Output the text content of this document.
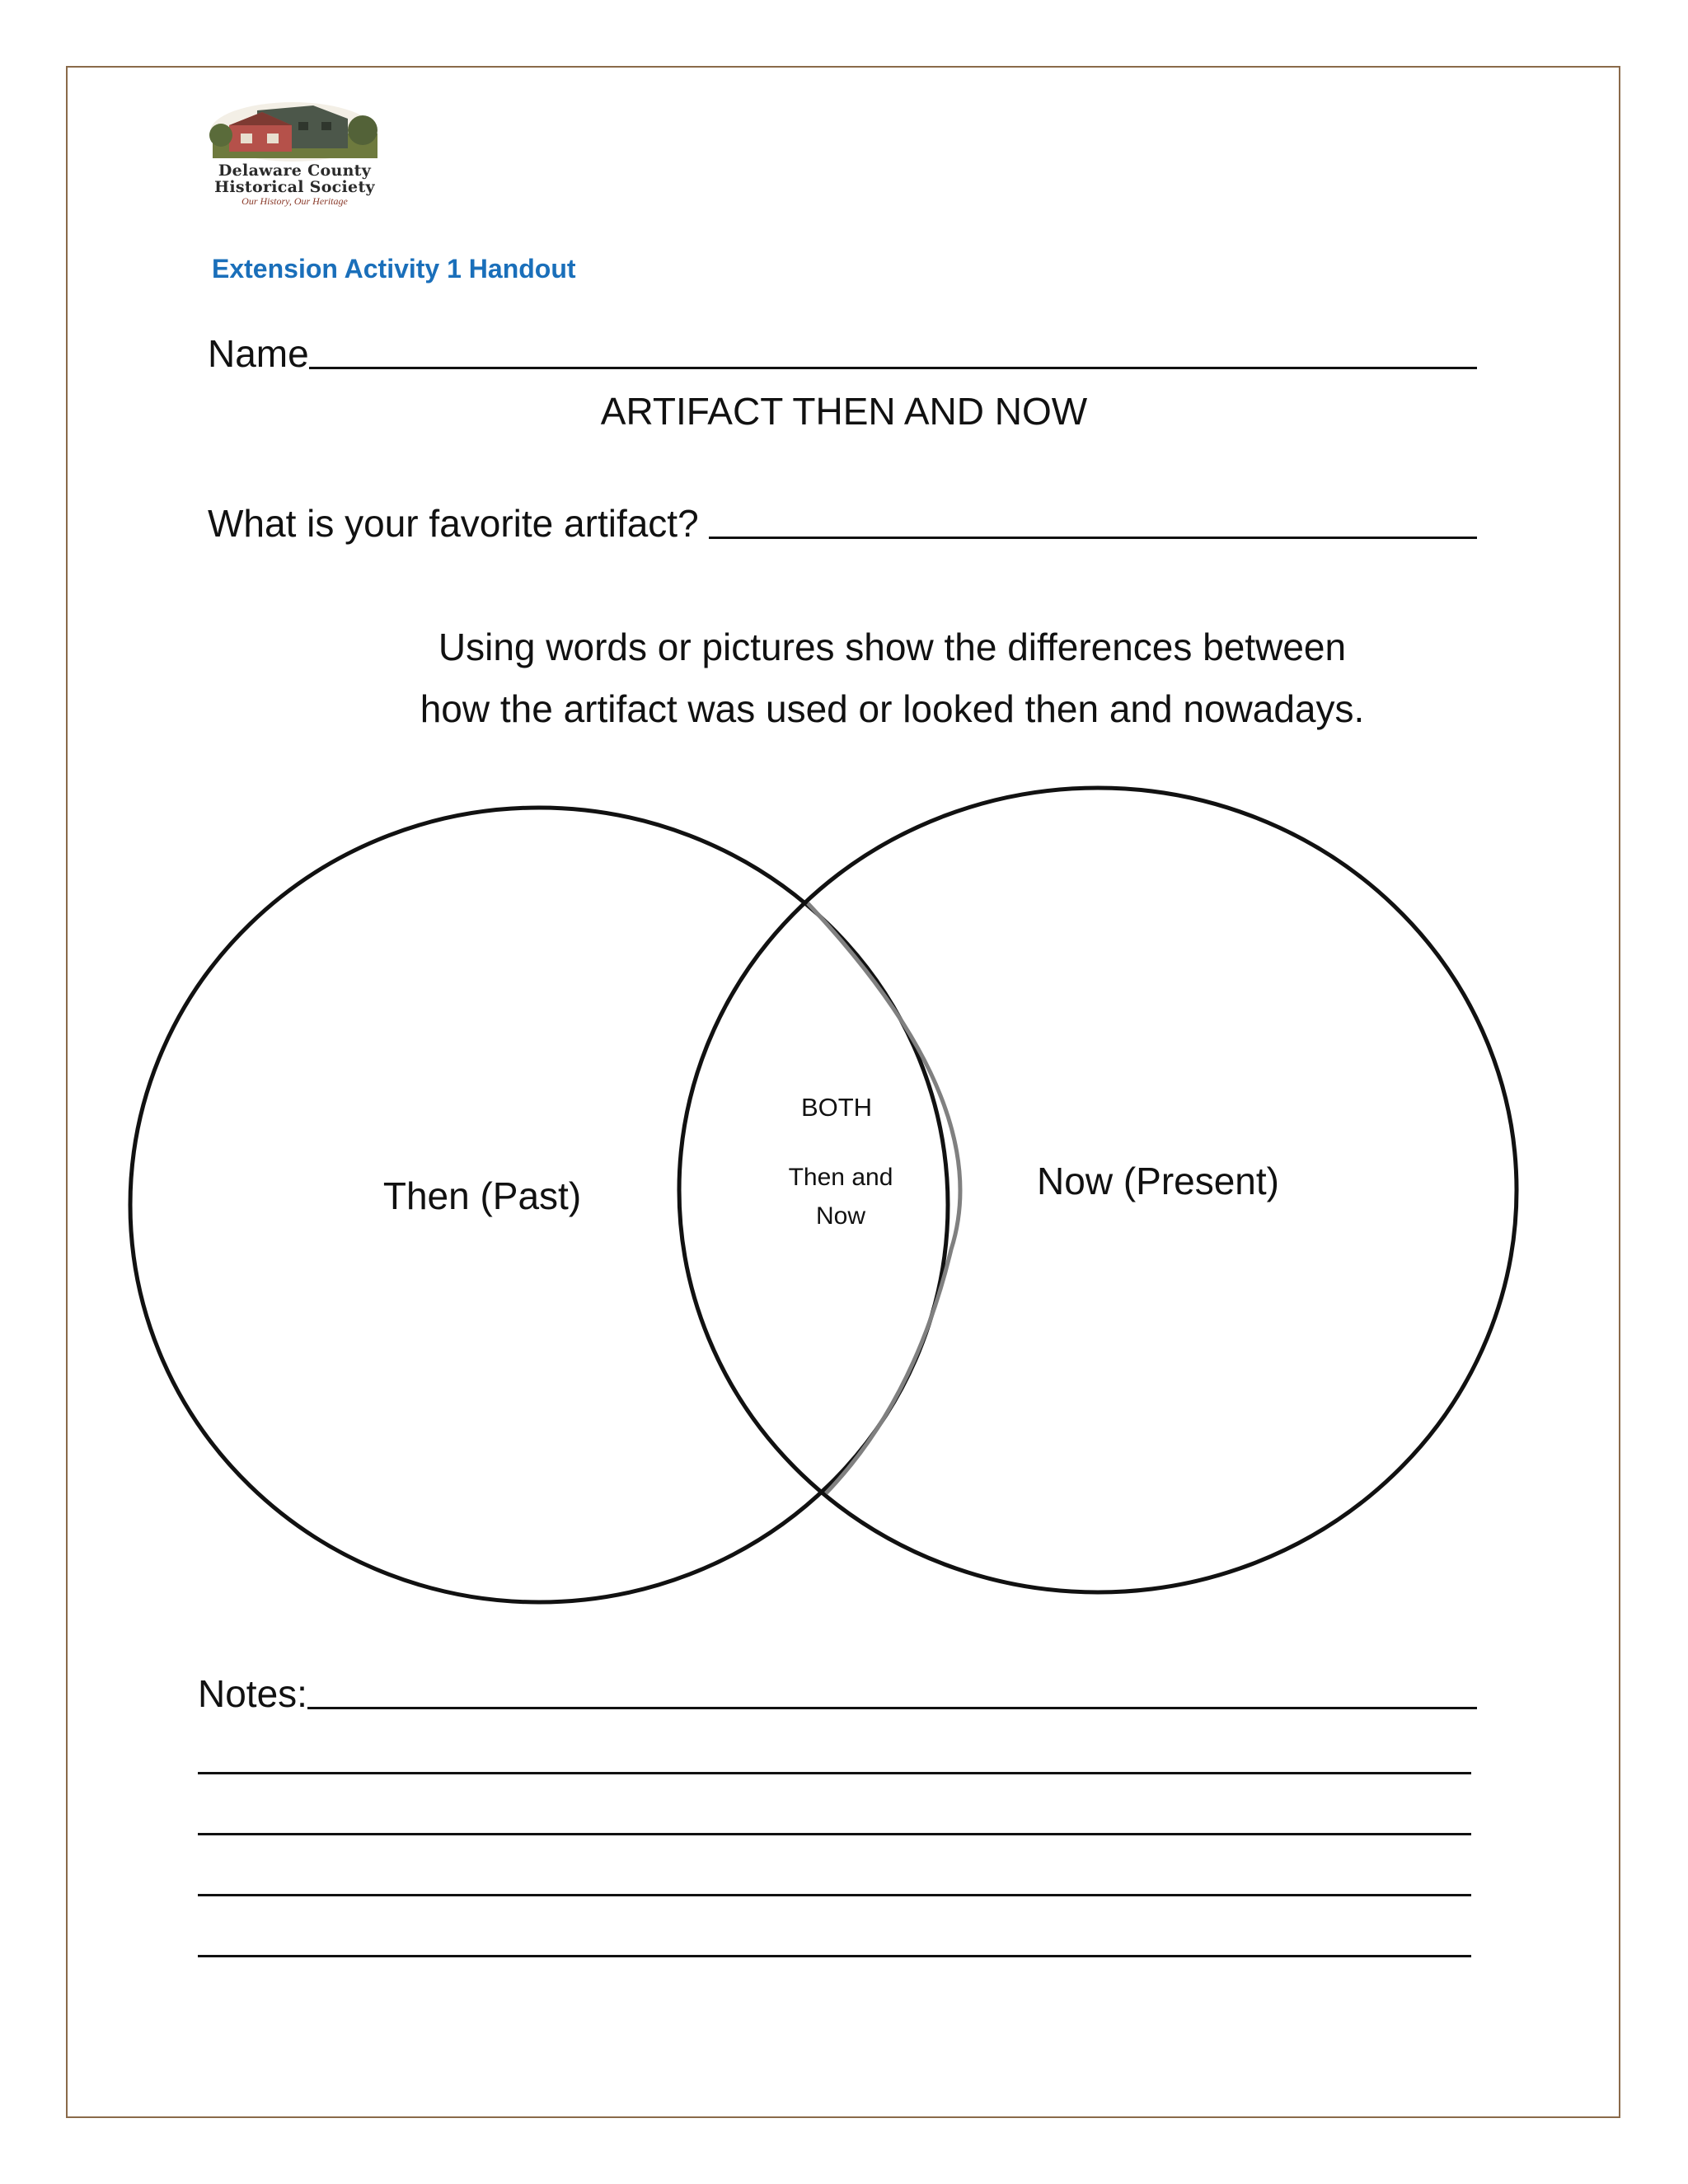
Delaware County
Historical Society
Our History, Our Heritage
Extension Activity 1 Handout
Name
ARTIFACT THEN AND NOW
What is your favorite artifact?
Using words or pictures show the differences between
how the artifact was used or looked then and nowadays.
Then (Past)	Now (Present)
BOTH
Then and Now
Notes:
